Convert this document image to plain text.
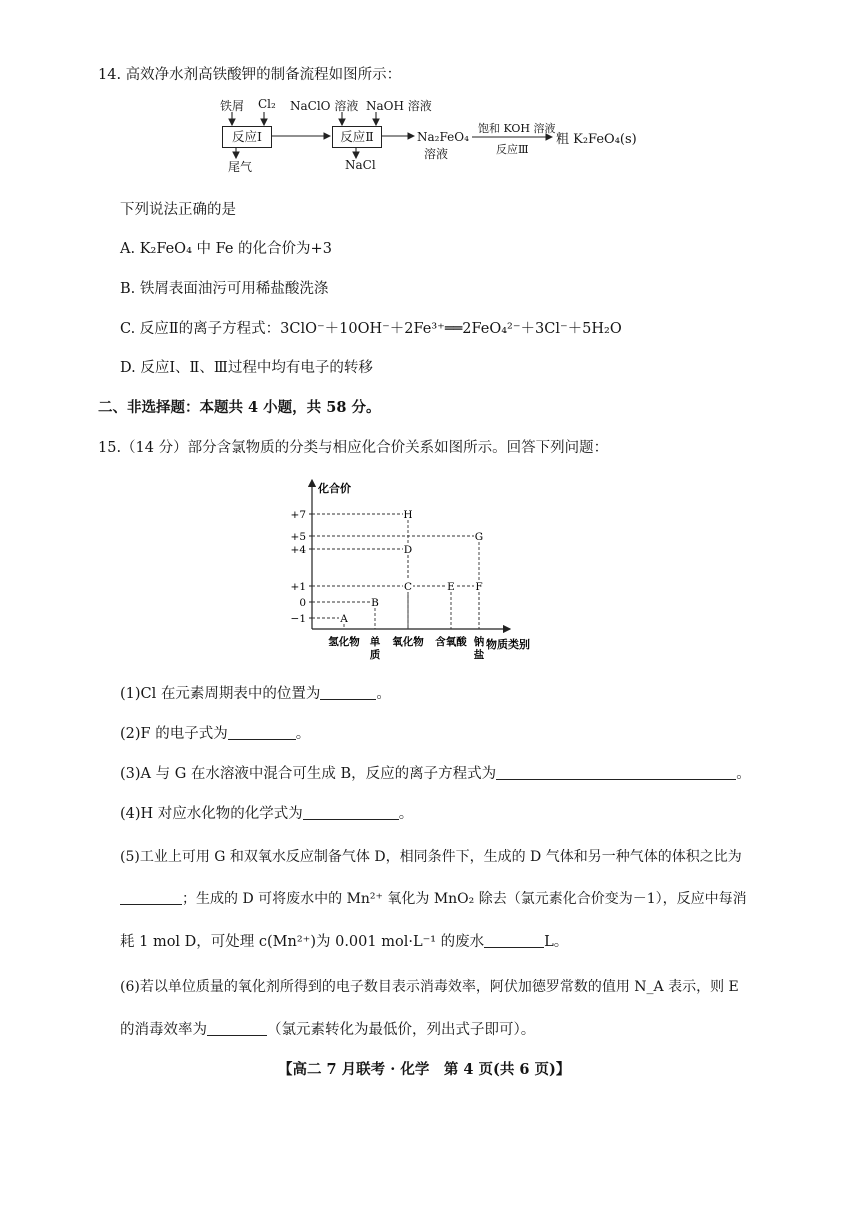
14. 高效净水剂高铁酸钾的制备流程如图所示：
铁屑 Cl₂ NaClO 溶液 NaOH 溶液
反应Ⅰ	反应Ⅱ
尾气	NaCl
Na₂FeO₄
溶液
饱和 KOH 溶液
反应Ⅲ
粗 K₂FeO₄(s)
下列说法正确的是
A. K₂FeO₄ 中 Fe 的化合价为+3
B. 铁屑表面油污可用稀盐酸洗涤
C. 反应Ⅱ的离子方程式：3ClO⁻＋10OH⁻＋2Fe³⁺══2FeO₄²⁻＋3Cl⁻＋5H₂O
D. 反应Ⅰ、Ⅱ、Ⅲ过程中均有电子的转移
二、非选择题：本题共 4 小题，共 58 分。
15.（14 分）部分含氯物质的分类与相应化合价关系如图所示。回答下列问题：
化合价
物质类别
+7
+5
+4
+1
0
−1
氢化物 单
质
氧化物 含氧酸 钠
盐
A
B
C
D
H
E F
G
(1)Cl 在元素周期表中的位置为	。
(2)F 的电子式为	。
(3)A 与 G 在水溶液中混合可生成 B，反应的离子方程式为	。
(4)H 对应水化物的化学式为	。
(5)工业上可用 G 和双氧水反应制备气体 D，相同条件下，生成的 D 气体和另一种气体的体积之比为
；生成的 D 可将废水中的 Mn²⁺ 氧化为 MnO₂ 除去（氯元素化合价变为－1），反应中每消
耗 1 mol D，可处理 c(Mn²⁺)为 0.001 mol·L⁻¹ 的废水	L。
(6)若以单位质量的氧化剂所得到的电子数目表示消毒效率，阿伏加德罗常数的值用 N_A 表示，则 E
的消毒效率为	（氯元素转化为最低价，列出式子即可）。
【高二 7 月联考 · 化学　第 4 页(共 6 页)】
